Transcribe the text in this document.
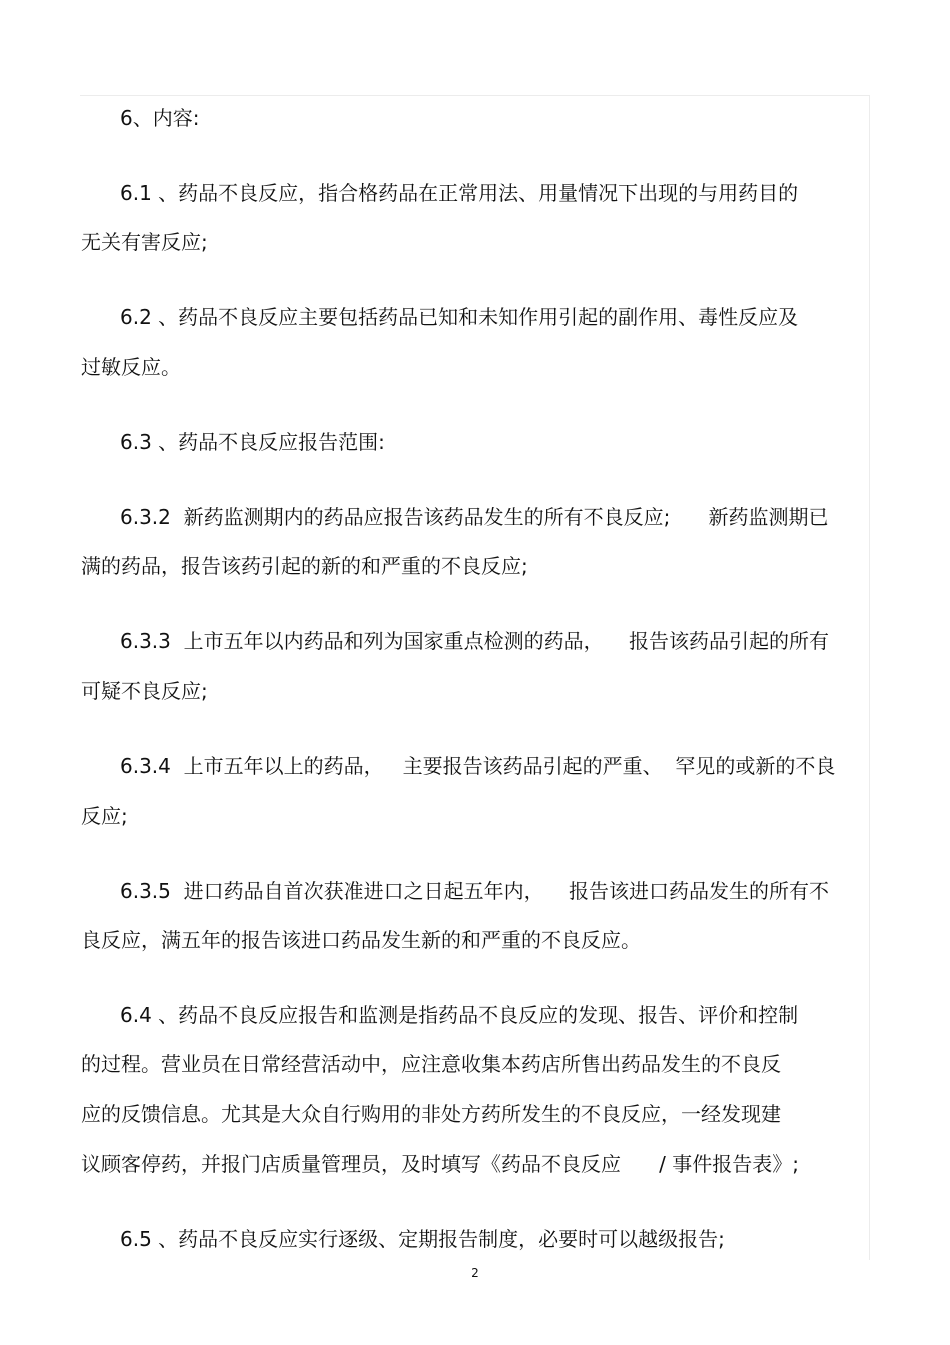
6、内容:
6.1 、药品不良反应，指合格药品在正常用法、用量情况下出现的与用药目的
无关有害反应;
6.2 、药品不良反应主要包括药品已知和未知作用引起的副作用、毒性反应及
过敏反应。
6.3 、药品不良反应报告范围:
6.3.2  新药监测期内的药品应报告该药品发生的所有不良反应;      新药监测期已
满的药品，报告该药引起的新的和严重的不良反应;
6.3.3  上市五年以内药品和列为国家重点检测的药品，    报告该药品引起的所有
可疑不良反应;
6.3.4  上市五年以上的药品，   主要报告该药品引起的严重、  罕见的或新的不良
反应;
6.3.5  进口药品自首次获准进口之日起五年内，    报告该进口药品发生的所有不
良反应，满五年的报告该进口药品发生新的和严重的不良反应。
6.4 、药品不良反应报告和监测是指药品不良反应的发现、报告、评价和控制
的过程。营业员在日常经营活动中，应注意收集本药店所售出药品发生的不良反
应的反馈信息。尤其是大众自行购用的非处方药所发生的不良反应，一经发现建
议顾客停药，并报门店质量管理员，及时填写《药品不良反应      / 事件报告表》;
6.5 、药品不良反应实行逐级、定期报告制度，必要时可以越级报告;
2
